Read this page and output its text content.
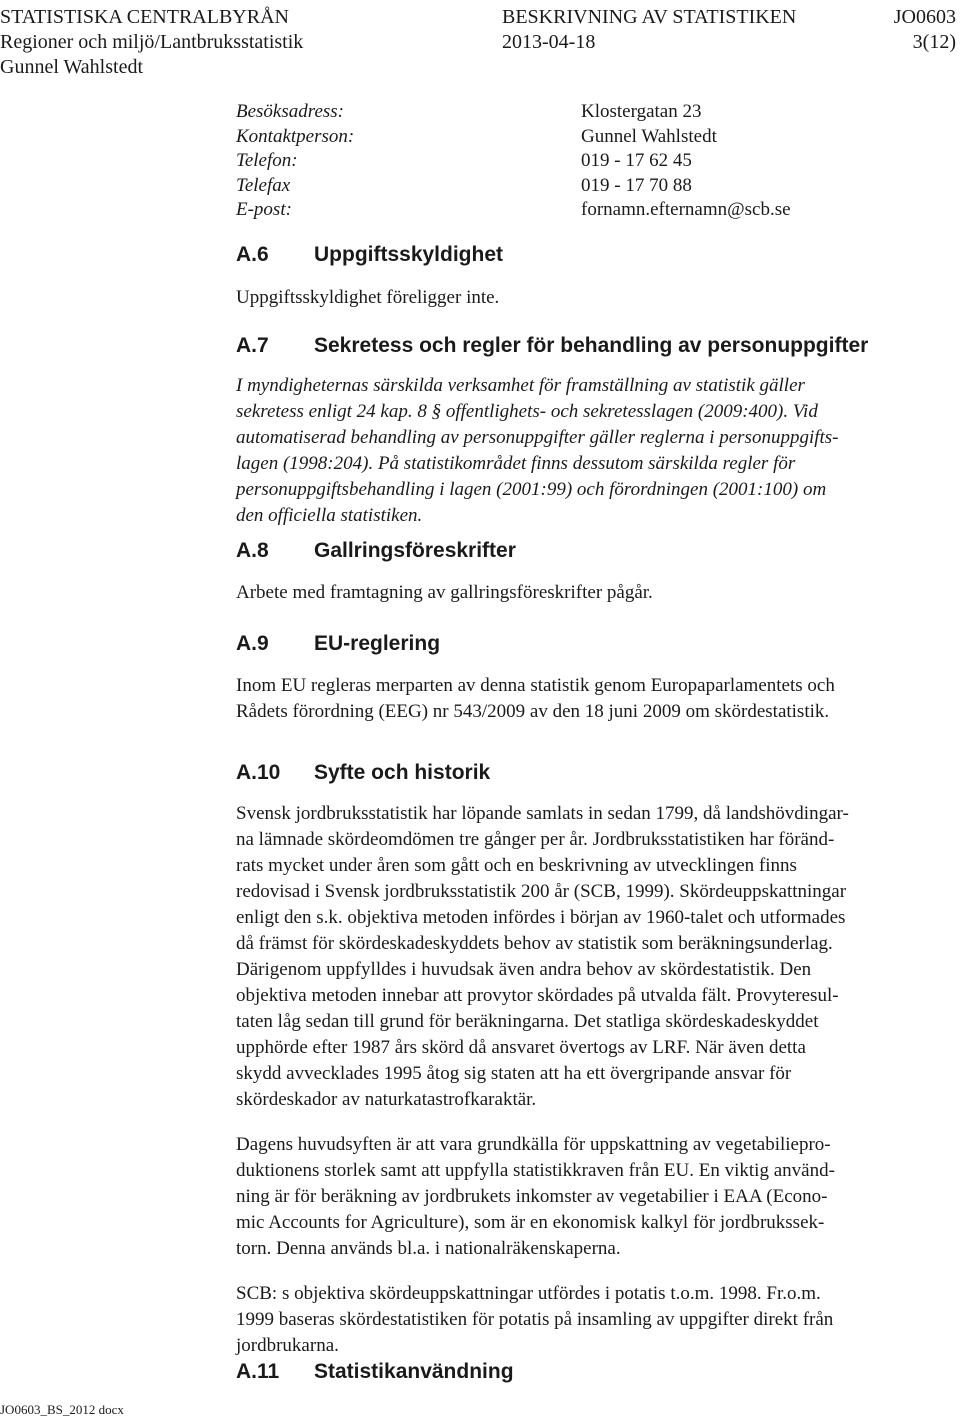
STATISTISKA CENTRALBYRÅN	BESKRIVNING AV STATISTIKEN	JO0603
Regioner och miljö/Lantbruksstatistik	2013-04-18	3(12)
Gunnel Wahlstedt
Besöksadress:	Klostergatan 23
Kontaktperson:	Gunnel Wahlstedt
Telefon:	019 - 17 62 45
Telefax	019 - 17 70 88
E-post:	fornamn.efternamn@scb.se
A.6 Uppgiftsskyldighet
Uppgiftsskyldighet föreligger inte.
A.7 Sekretess och regler för behandling av personuppgifter
I myndigheternas särskilda verksamhet för framställning av statistik gäller
sekretess enligt 24 kap. 8 § offentlighets- och sekretesslagen (2009:400). Vid
automatiserad behandling av personuppgifter gäller reglerna i personuppgifts-
lagen (1998:204). På statistikområdet finns dessutom särskilda regler för
personuppgiftsbehandling i lagen (2001:99) och förordningen (2001:100) om
den officiella statistiken.
A.8 Gallringsföreskrifter
Arbete med framtagning av gallringsföreskrifter pågår.
A.9 EU-reglering
Inom EU regleras merparten av denna statistik genom Europaparlamentets och
Rådets förordning (EEG) nr 543/2009 av den 18 juni 2009 om skördestatistik.
A.10 Syfte och historik
Svensk jordbruksstatistik har löpande samlats in sedan 1799, då landshövdingar-
na lämnade skördeomdömen tre gånger per år. Jordbruksstatistiken har föränd-
rats mycket under åren som gått och en beskrivning av utvecklingen finns
redovisad i Svensk jordbruksstatistik 200 år (SCB, 1999). Skördeuppskattningar
enligt den s.k. objektiva metoden infördes i början av 1960-talet och utformades
då främst för skördeskadeskyddets behov av statistik som beräkningsunderlag.
Därigenom uppfylldes i huvudsak även andra behov av skördestatistik. Den
objektiva metoden innebar att provytor skördades på utvalda fält. Provyteresul-
taten låg sedan till grund för beräkningarna. Det statliga skördeskadeskyddet
upphörde efter 1987 års skörd då ansvaret övertogs av LRF. När även detta
skydd avvecklades 1995 åtog sig staten att ha ett övergripande ansvar för
skördeskador av naturkatastrofkaraktär.
Dagens huvudsyften är att vara grundkälla för uppskattning av vegetabiliepro-
duktionens storlek samt att uppfylla statistikkraven från EU. En viktig använd-
ning är för beräkning av jordbrukets inkomster av vegetabilier i EAA (Econo-
mic Accounts for Agriculture), som är en ekonomisk kalkyl för jordbrukssek-
torn. Denna används bl.a. i nationalräkenskaperna.
SCB: s objektiva skördeuppskattningar utfördes i potatis t.o.m. 1998. Fr.o.m.
1999 baseras skördestatistiken för potatis på insamling av uppgifter direkt från
jordbrukarna.
A.11 Statistikanvändning
JO0603_BS_2012 docx
